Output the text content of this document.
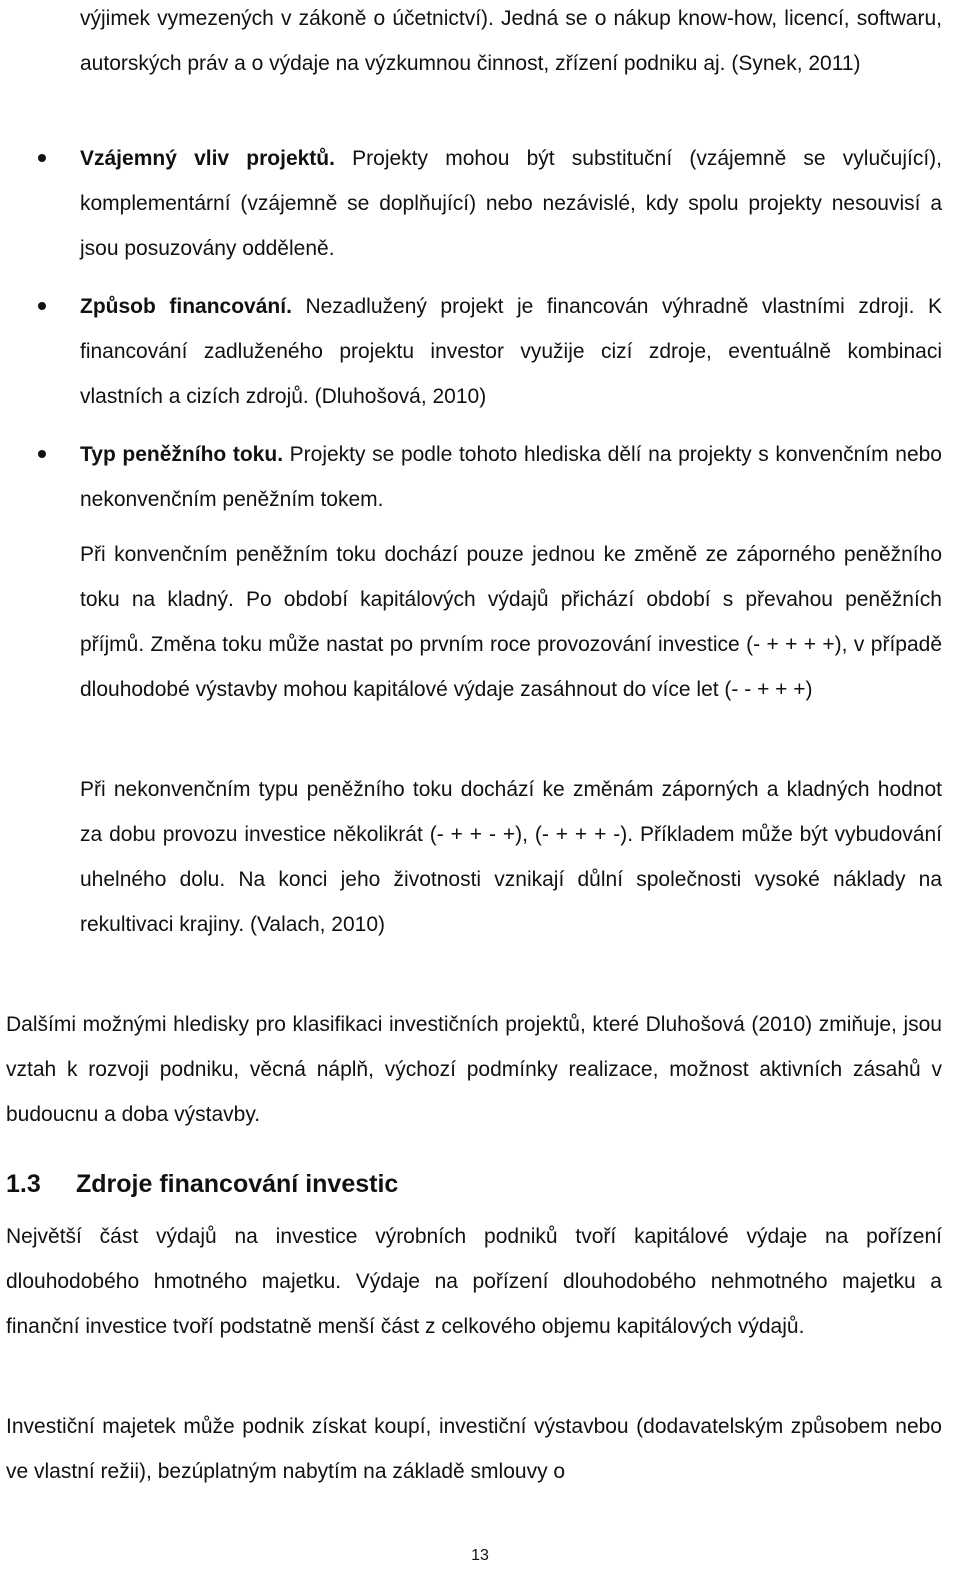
výjimek vymezených v zákoně o účetnictví). Jedná se o nákup know-how, licencí, softwaru, autorských práv a o výdaje na výzkumnou činnost, zřízení podniku aj. (Synek, 2011)

Vzájemný vliv projektů. Projekty mohou být substituční (vzájemně se vylučující), komplementární (vzájemně se doplňující) nebo nezávislé, kdy spolu projekty nesouvisí a jsou posuzovány odděleně.

Způsob financování. Nezadlužený projekt je financován výhradně vlastními zdroji. K financování zadluženého projektu investor využije cizí zdroje, eventuálně kombinaci vlastních a cizích zdrojů. (Dluhošová, 2010)

Typ peněžního toku. Projekty se podle tohoto hlediska dělí na projekty s konvenčním nebo nekonvenčním peněžním tokem.

Při konvenčním peněžním toku dochází pouze jednou ke změně ze záporného peněžního toku na kladný. Po období kapitálových výdajů přichází období s převahou peněžních příjmů. Změna toku může nastat po prvním roce provozování investice (- + + + +), v případě dlouhodobé výstavby mohou kapitálové výdaje zasáhnout do více let (- - + + +)

Při nekonvenčním typu peněžního toku dochází ke změnám záporných a kladných hodnot za dobu provozu investice několikrát (- + + - +), (- + + + -). Příkladem může být vybudování uhelného dolu. Na konci jeho životnosti vznikají důlní společnosti vysoké náklady na rekultivaci krajiny. (Valach, 2010)

Dalšími možnými hledisky pro klasifikaci investičních projektů, které Dluhošová (2010) zmiňuje, jsou vztah k rozvoji podniku, věcná náplň, výchozí podmínky realizace, možnost aktivních zásahů v budoucnu a doba výstavby.

1.3 Zdroje financování investic

Největší část výdajů na investice výrobních podniků tvoří kapitálové výdaje na pořízení dlouhodobého hmotného majetku. Výdaje na pořízení dlouhodobého nehmotného majetku a finanční investice tvoří podstatně menší část z celkového objemu kapitálových výdajů.

Investiční majetek může podnik získat koupí, investiční výstavbou (dodavatelským způsobem nebo ve vlastní režii), bezúplatným nabytím na základě smlouvy o

13
